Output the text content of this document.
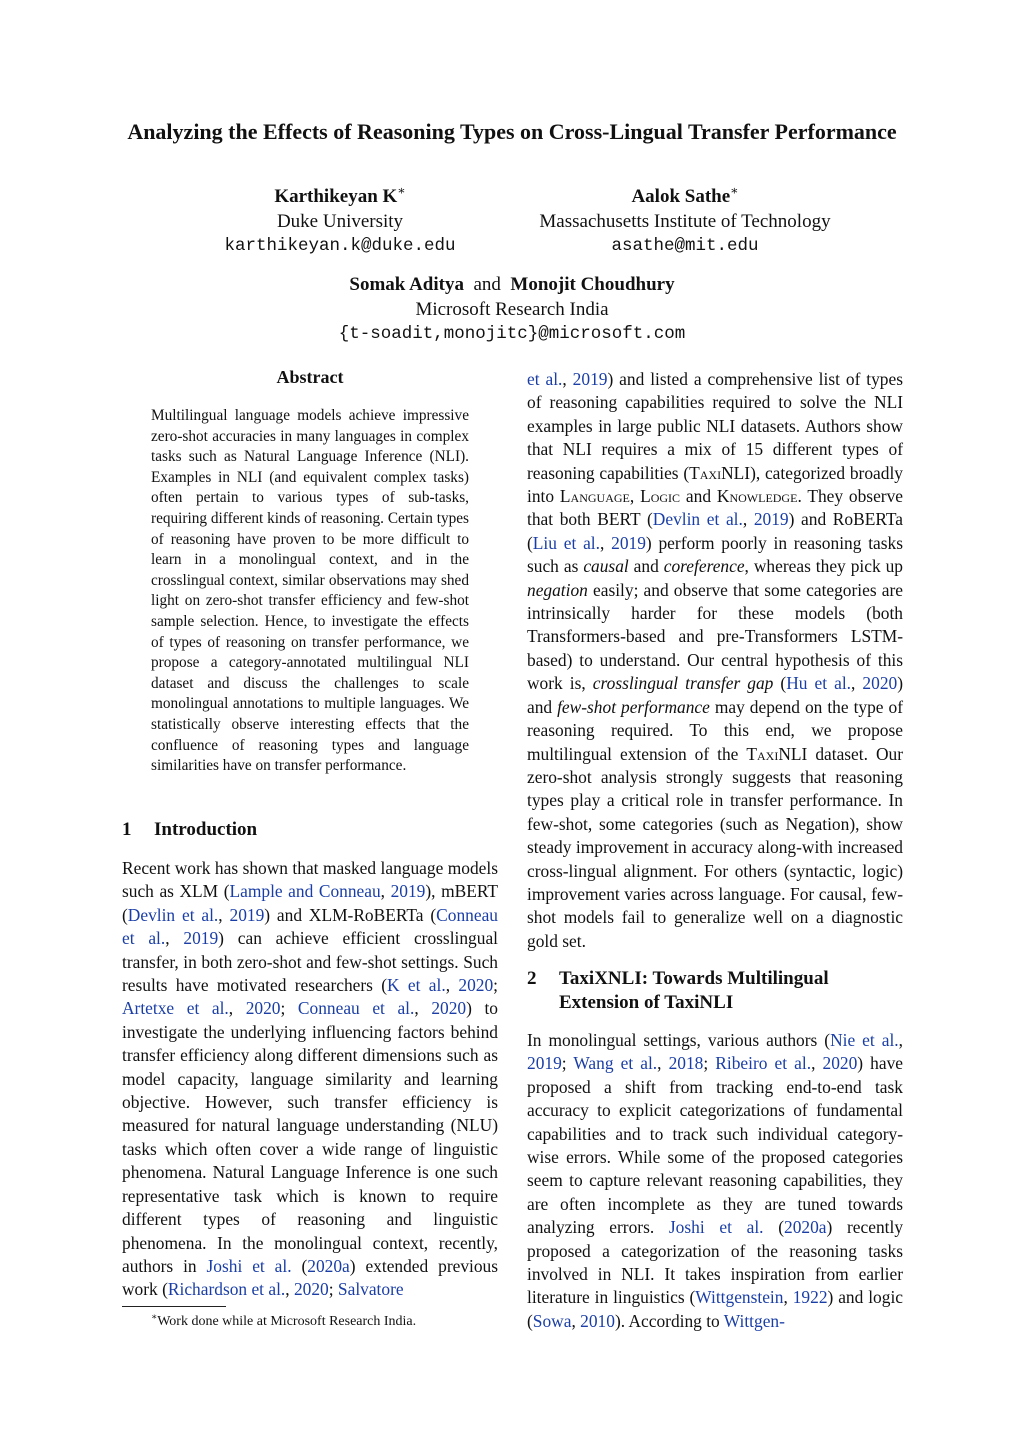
Analyzing the Effects of Reasoning Types on Cross-Lingual Transfer Performance
Karthikeyan K∗
Duke University
karthikeyan.k@duke.edu
Aalok Sathe∗
Massachusetts Institute of Technology
asathe@mit.edu
Somak Aditya and Monojit Choudhury
Microsoft Research India
{t-soadit,monojitc}@microsoft.com
Abstract
Multilingual language models achieve impressive zero-shot accuracies in many languages in complex tasks such as Natural Language Inference (NLI). Examples in NLI (and equivalent complex tasks) often pertain to various types of sub-tasks, requiring different kinds of reasoning. Certain types of reasoning have proven to be more difficult to learn in a monolingual context, and in the crosslingual context, similar observations may shed light on zero-shot transfer efficiency and few-shot sample selection. Hence, to investigate the effects of types of reasoning on transfer performance, we propose a category-annotated multilingual NLI dataset and discuss the challenges to scale monolingual annotations to multiple languages. We statistically observe interesting effects that the confluence of reasoning types and language similarities have on transfer performance.
1 Introduction
Recent work has shown that masked language models such as XLM (Lample and Conneau, 2019), mBERT (Devlin et al., 2019) and XLM-RoBERTa (Conneau et al., 2019) can achieve efficient crosslingual transfer, in both zero-shot and few-shot settings. Such results have motivated researchers (K et al., 2020; Artetxe et al., 2020; Conneau et al., 2020) to investigate the underlying influencing factors behind transfer efficiency along different dimensions such as model capacity, language similarity and learning objective. However, such transfer efficiency is measured for natural language understanding (NLU) tasks which often cover a wide range of linguistic phenomena. Natural Language Inference is one such representative task which is known to require different types of reasoning and linguistic phenomena. In the monolingual context, recently, authors in Joshi et al. (2020a) extended previous work (Richardson et al., 2020; Salvatore
et al., 2019) and listed a comprehensive list of types of reasoning capabilities required to solve the NLI examples in large public NLI datasets. Authors show that NLI requires a mix of 15 different types of reasoning capabilities (TaxiNLI), categorized broadly into Language, Logic and Knowledge. They observe that both BERT (Devlin et al., 2019) and RoBERTa (Liu et al., 2019) perform poorly in reasoning tasks such as causal and coreference, whereas they pick up negation easily; and observe that some categories are intrinsically harder for these models (both Transformers-based and pre-Transformers LSTM-based) to understand. Our central hypothesis of this work is, crosslingual transfer gap (Hu et al., 2020) and few-shot performance may depend on the type of reasoning required. To this end, we propose multilingual extension of the TaxiNLI dataset. Our zero-shot analysis strongly suggests that reasoning types play a critical role in transfer performance. In few-shot, some categories (such as Negation), show steady improvement in accuracy along-with increased cross-lingual alignment. For others (syntactic, logic) improvement varies across language. For causal, few-shot models fail to generalize well on a diagnostic gold set.
2 TaxiXNLI: Towards Multilingual
Extension of TaxiNLI
In monolingual settings, various authors (Nie et al., 2019; Wang et al., 2018; Ribeiro et al., 2020) have proposed a shift from tracking end-to-end task accuracy to explicit categorizations of fundamental capabilities and to track such individual category-wise errors. While some of the proposed categories seem to capture relevant reasoning capabilities, they are often incomplete as they are tuned towards analyzing errors. Joshi et al. (2020a) recently proposed a categorization of the reasoning tasks involved in NLI. It takes inspiration from earlier literature in linguistics (Wittgenstein, 1922) and logic (Sowa, 2010). According to Wittgen-
∗Work done while at Microsoft Research India.
